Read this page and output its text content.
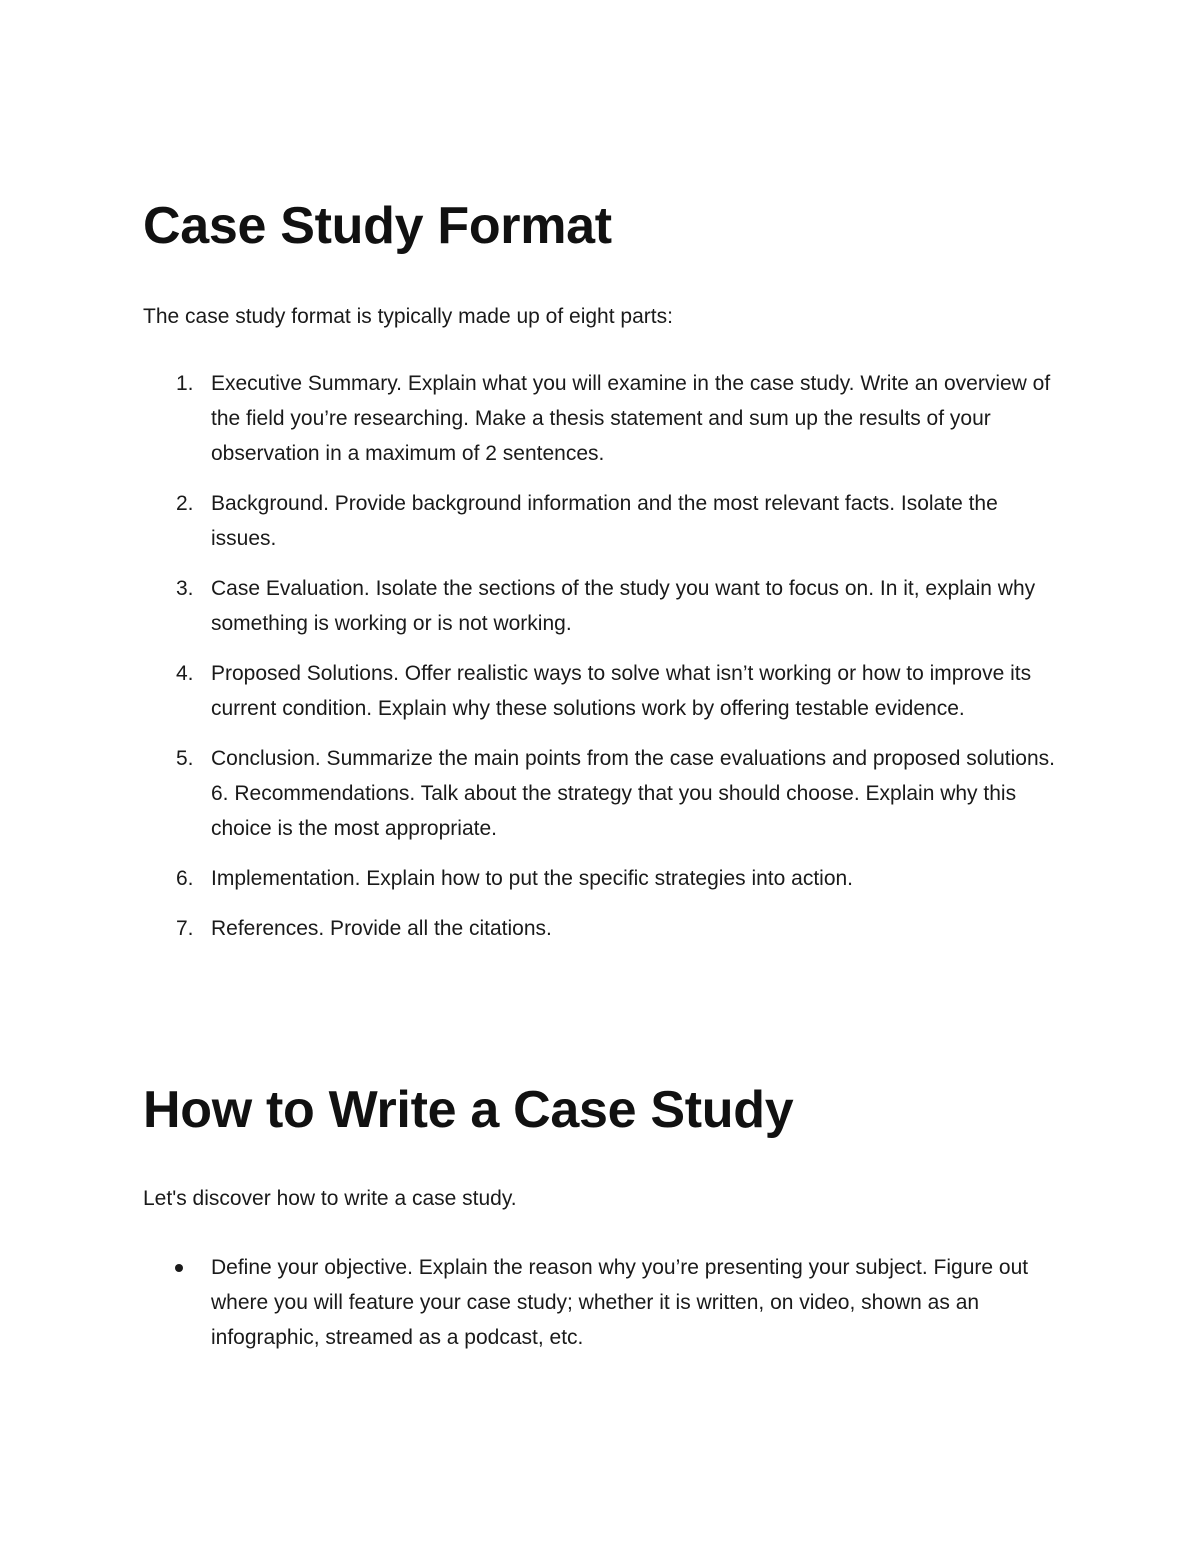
Case Study Format

The case study format is typically made up of eight parts:

1. Executive Summary. Explain what you will examine in the case study. Write an overview of the field you’re researching. Make a thesis statement and sum up the results of your observation in a maximum of 2 sentences.
2. Background. Provide background information and the most relevant facts. Isolate the issues.
3. Case Evaluation. Isolate the sections of the study you want to focus on. In it, explain why something is working or is not working.
4. Proposed Solutions. Offer realistic ways to solve what isn’t working or how to improve its current condition. Explain why these solutions work by offering testable evidence.
5. Conclusion. Summarize the main points from the case evaluations and proposed solutions. 6. Recommendations. Talk about the strategy that you should choose. Explain why this choice is the most appropriate.
6. Implementation. Explain how to put the specific strategies into action.
7. References. Provide all the citations.
How to Write a Case Study

Let's discover how to write a case study.

Define your objective. Explain the reason why you’re presenting your subject. Figure out where you will feature your case study; whether it is written, on video, shown as an infographic, streamed as a podcast, etc.
